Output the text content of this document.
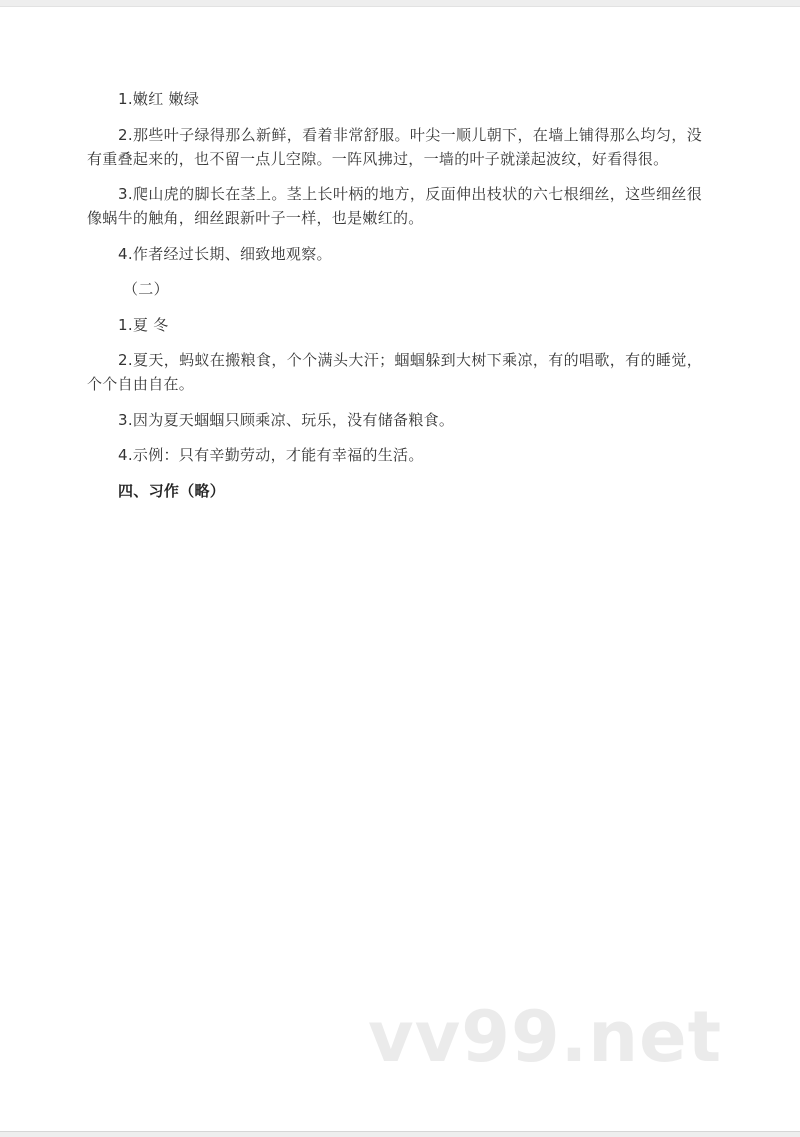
1.嫩红 嫩绿

2.那些叶子绿得那么新鲜，看着非常舒服。叶尖一顺儿朝下，在墙上铺得那么均匀，没有重叠起来的，也不留一点儿空隙。一阵风拂过，一墙的叶子就漾起波纹，好看得很。

3.爬山虎的脚长在茎上。茎上长叶柄的地方，反面伸出枝状的六七根细丝，这些细丝很像蜗牛的触角，细丝跟新叶子一样，也是嫩红的。

4.作者经过长期、细致地观察。

（二）

1.夏 冬

2.夏天，蚂蚁在搬粮食，个个满头大汗；蝈蝈躲到大树下乘凉，有的唱歌，有的睡觉，个个自由自在。

3.因为夏天蝈蝈只顾乘凉、玩乐，没有储备粮食。

4.示例：只有辛勤劳动，才能有幸福的生活。

四、习作（略）

vv99.net
